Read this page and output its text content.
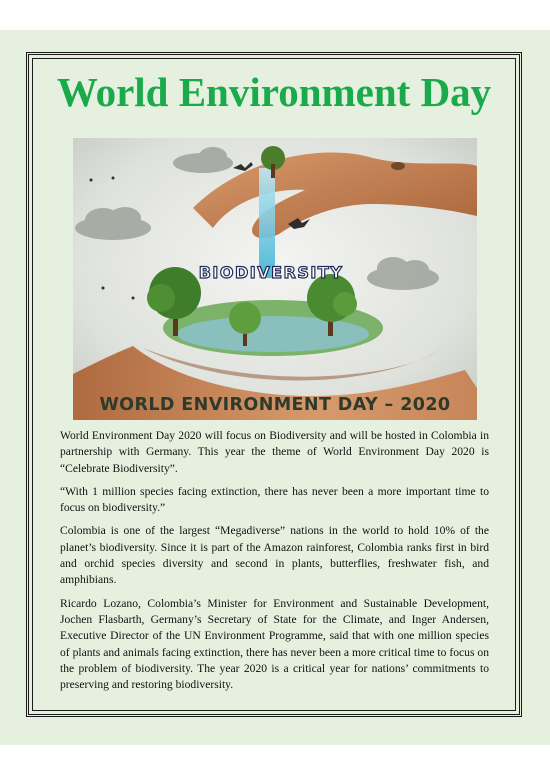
World Environment Day
BIODIVERSITY
WORLD ENVIRONMENT DAY – 2020

World Environment Day 2020 will focus on Biodiversity and will be hosted in Colombia in partnership with Germany. This year the theme of World Environment Day 2020 is “Celebrate Biodiversity”.

“With 1 million species facing extinction, there has never been a more important time to focus on biodiversity.”

Colombia is one of the largest “Megadiverse” nations in the world to hold 10% of the planet’s biodiversity. Since it is part of the Amazon rainforest, Colombia ranks first in bird and orchid species diversity and second in plants, butterflies, freshwater fish, and amphibians.

Ricardo Lozano, Colombia’s Minister for Environment and Sustainable Development, Jochen Flasbarth, Germany’s Secretary of State for the Climate, and Inger Andersen, Executive Director of the UN Environment Programme, said that with one million species of plants and animals facing extinction, there has never been a more critical time to focus on the problem of biodiversity. The year 2020 is a critical year for nations’ commitments to preserving and restoring biodiversity.
